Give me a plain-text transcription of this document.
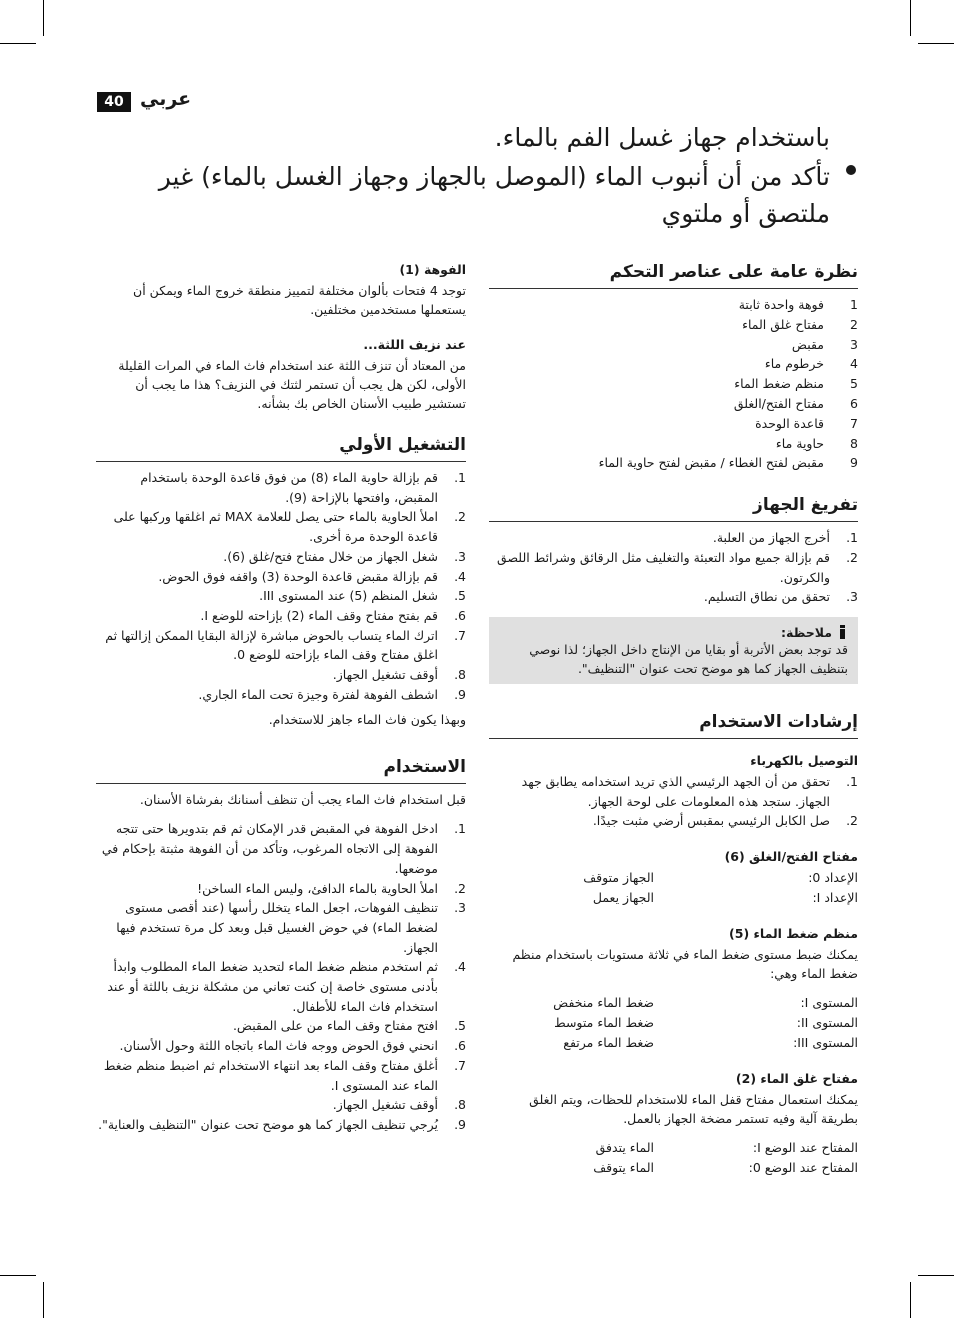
40 عربي
باستخدام جهاز غسل الفم بالماء.
تأكد من أن أنبوب الماء (الموصل بالجهاز وجهاز الغسل بالماء) غير
ملتصق أو ملتوي
نظرة عامة على عناصر التحكم
1
فوهة واحدة ثابتة
2
مفتاح غلق الماء
3
مقبض
4
خرطوم ماء
5
منظم ضغط الماء
6
مفتاح الفتح/الغلق
7
قاعدة الوحدة
8
حاوية ماء
9
مقبض لفتح الغطاء / مقبض لفتح حاوية الماء
تفريغ الجهاز
1.
أخرج الجهاز من العلبة.
2.
قم بإزالة جميع مواد التعبئة والتغليف مثل الرقائق وشرائط اللصق والكرتون.
3.
تحقق من نطاق التسليم.
ملاحظة:

قد توجد بعض الأتربة أو بقايا من الإنتاج داخل الجهاز؛ لذا نوصي بتنظيف الجهاز كما هو موضح تحت عنوان "التنظيف".

إرشادات الاستخدام
التوصيل بالكهرباء
1.
تحقق من أن الجهد الرئيسي الذي تريد استخدامه يطابق جهد الجهاز. ستجد هذه المعلومات على لوحة الجهاز.
2.
صل الكابل الرئيسي بمقبس أرضي مثبت جيدًا.
مفتاح الفتح/الغلق (6)
الإعداد 0:
الجهاز متوقف
الإعداد I:
الجهاز يعمل
منظم ضغط الماء (5)

يمكنك ضبط مستوى ضغط الماء في ثلاثة مستويات باستخدام منظم ضغط الماء وهي:

المستوى I:
ضغط الماء منخفض
المستوى II:
ضغط الماء متوسط
المستوى III:
ضغط الماء مرتفع
مفتاح غلق الماء (2)

يمكنك استعمال مفتاح قفل الماء للاستخدام للحظات، ويتم الغلق بطريقة آلية وفيه تستمر مضخة الجهاز بالعمل.

المفتاح عند الوضع I:
الماء يتدفق
المفتاح عند الوضع 0:
الماء يتوقف
الفوهة (1)

توجد 4 فتحات بألوان مختلفة لتمييز منطقة خروج الماء ويمكن أن يستعملها مستخدمين مختلفين.

عند نزيف اللثة...

من المعتاد أن تنزف اللثة عند استخدام فاث الماء في المرات القليلة الأولى، لكن هل يجب أن تستمر لثتك في النزيف؟ هذا ما يجب أن تستشير طبيب الأسنان الخاص بك بشأنه.

التشغيل الأولي
1.
قم بإزالة حاوية الماء (8) من فوق قاعدة الوحدة باستخدام المقبض، وافتحها بالإزاحة (9).
2.
املأ الحاوية بالماء حتى يصل للعلامة MAX ثم اغلقها وركبها على قاعدة الوحدة مرة أخرى.
3.
شغل الجهاز من خلال مفتاح فتح/غلق (6).
4.
قم بإزالة مقبض قاعدة الوحدة (3) واقفه فوق الحوض.
5.
شغل المنظم (5) عند المستوى III.
6.
قم بفتح مفتاح وقف الماء (2) بإزاحته للوضع I.
7.
اترك الماء يتساب بالحوض مباشرة لإزالة البقايا الممكن إزالتها ثم اغلق مفتاح وقف الماء بإزاحته للوضع 0.
8.
أوقف تشغيل الجهاز.
9.
اشطف الفوهة لفترة وجيزة تحت الماء الجاري.

وبهذا يكون فاث الماء جاهز للاستخدام.

الاستخدام

قبل استخدام فاث الماء يجب أن تنظف أسنانك بفرشاة الأسنان.

1.
ادخل الفوهة في المقبض قدر الإمكان ثم قم بتدويرها حتى تتجه الفوهة إلى الاتجاه المرغوب، وتأكد من أن الفوهة مثبتة بإحكام في موضعها.
2.
املأ الحاوية بالماء الدافئ، وليس الماء الساخن!
3.
تنظيف الفوهات، اجعل الماء يتخلل رأسها (عند أقصى مستوى لضغط الماء) في حوض الغسيل قبل وبعد كل مرة تستخدم فيها الجهاز.
4.
ثم استخدم منظم ضغط الماء لتحديد ضغط الماء المطلوب وابدأ بأدنى مستوى خاصة إن كنت تعاني من مشكلة نزيف باللثة أو عند استخدام فاث الماء للأطفال.
5.
افتح مفتاح وقف الماء من على المقبض.
6.
انحني فوق الحوض ووجه فاث الماء باتجاه اللثة وحول الأسنان.
7.
أغلق مفتاح وقف الماء بعد انتهاء الاستخدام ثم اضبط منظم ضغط الماء عند المستوى I.
8.
أوقف تشغيل الجهاز.
9.
يُرجي تنظيف الجهاز كما هو موضح تحت عنوان "التنظيف والعناية".
